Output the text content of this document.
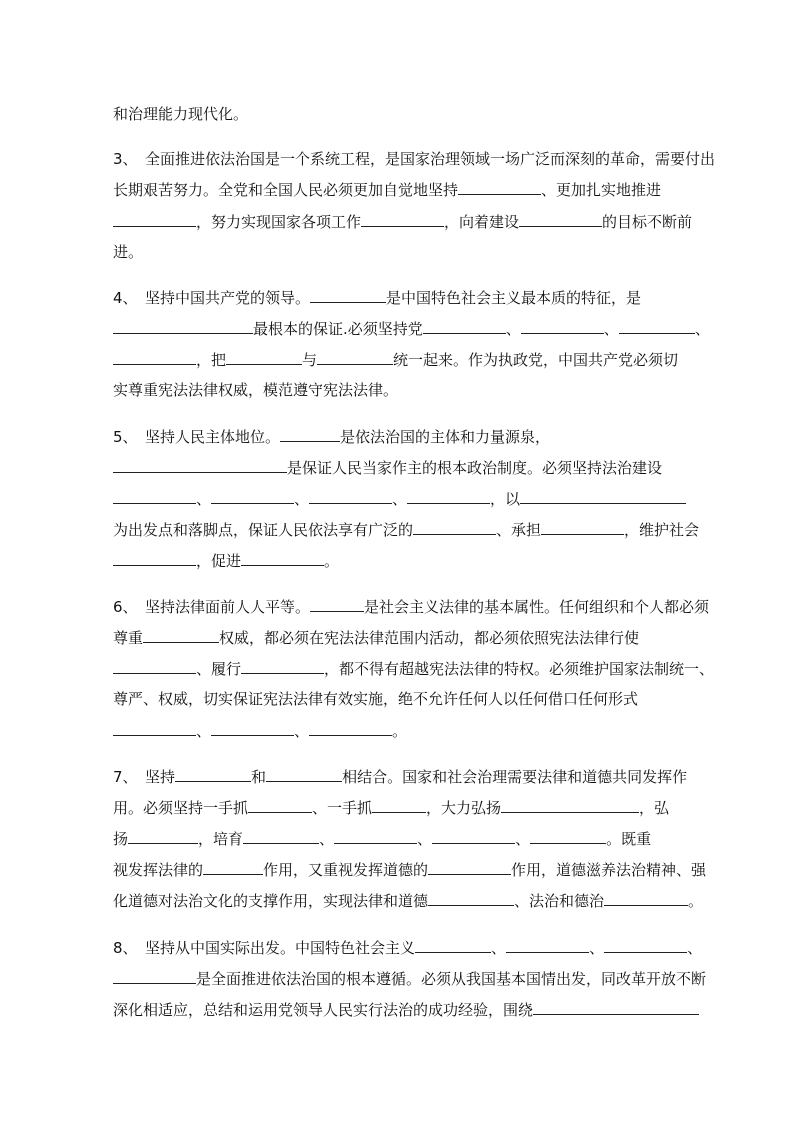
和治理能力现代化。
3、　全面推进依法治国是一个系统工程，是国家治理领域一场广泛而深刻的革命，需要付出
长期艰苦努力。全党和全国人民必须更加自觉地坚持	、更加扎实地推进
，努力实现国家各项工作	，向着建设	的目标不断前
进。
4、　坚持中国共产党的领导。	是中国特色社会主义最本质的特征，是
最根本的保证.必须坚持党	、	、	、
，把	与	统一起来。作为执政党，中国共产党必须切
实尊重宪法法律权威，模范遵守宪法法律。
5、　坚持人民主体地位。	是依法治国的主体和力量源泉，
是保证人民当家作主的根本政治制度。必须坚持法治建设
、	、	、	，以
为出发点和落脚点，保证人民依法享有广泛的	、承担	，维护社会
，促进	。
6、　坚持法律面前人人平等。	是社会主义法律的基本属性。任何组织和个人都必须
尊重	权威，都必须在宪法法律范围内活动，都必须依照宪法法律行使
、履行	，都不得有超越宪法法律的特权。必须维护国家法制统一、
尊严、权威，切实保证宪法法律有效实施，绝不允许任何人以任何借口任何形式
、	、	。
7、　坚持	和	相结合。国家和社会治理需要法律和道德共同发挥作
用。必须坚持一手抓	、一手抓	，大力弘扬	，弘
扬	，培育	、	、	、	。既重
视发挥法律的	作用，又重视发挥道德的	作用，道德滋养法治精神、强
化道德对法治文化的支撑作用，实现法律和道德	、法治和德治	。
8、　坚持从中国实际出发。中国特色社会主义	、	、	、
是全面推进依法治国的根本遵循。必须从我国基本国情出发，同改革开放不断
深化相适应，总结和运用党领导人民实行法治的成功经验，围绕
